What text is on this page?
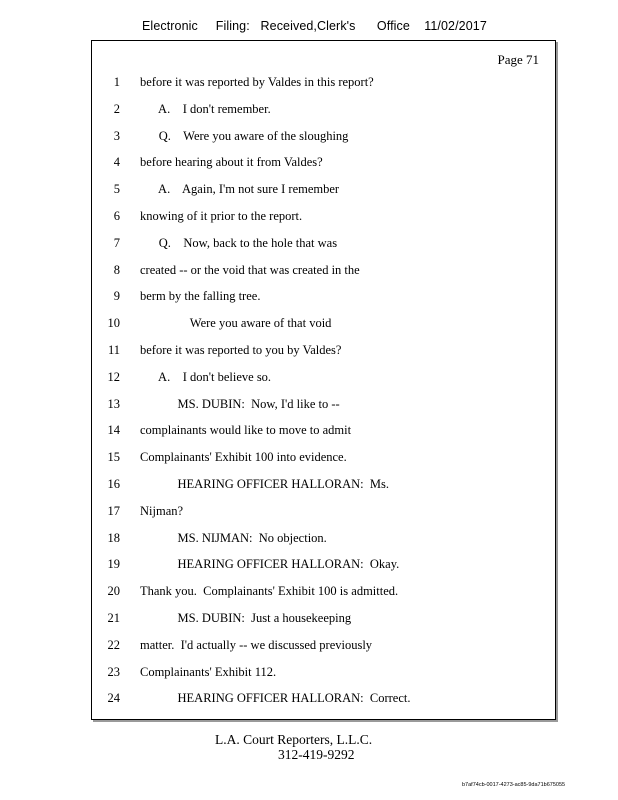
Electronic     Filing:   Received,Clerk's      Office    11/02/2017
Page 71
1 before it was reported by Valdes in this report?
2 A.    I don't remember.
3 Q.    Were you aware of the sloughing
4 before hearing about it from Valdes?
5 A.    Again, I'm not sure I remember
6 knowing of it prior to the report.
7 Q.    Now, back to the hole that was
8 created -- or the void that was created in the
9 berm by the falling tree.
10 Were you aware of that void
11 before it was reported to you by Valdes?
12 A.    I don't believe so.
13 MS. DUBIN:  Now, I'd like to --
14 complainants would like to move to admit
15 Complainants' Exhibit 100 into evidence.
16 HEARING OFFICER HALLORAN:  Ms.
17 Nijman?
18 MS. NIJMAN:  No objection.
19 HEARING OFFICER HALLORAN:  Okay.
20 Thank you.  Complainants' Exhibit 100 is admitted.
21 MS. DUBIN:  Just a housekeeping
22 matter.  I'd actually -- we discussed previously
23 Complainants' Exhibit 112.
24 HEARING OFFICER HALLORAN:  Correct.
L.A. Court Reporters, L.L.C.
312-419-9292
b7af74cb-0017-4273-ac85-9da71b675055
